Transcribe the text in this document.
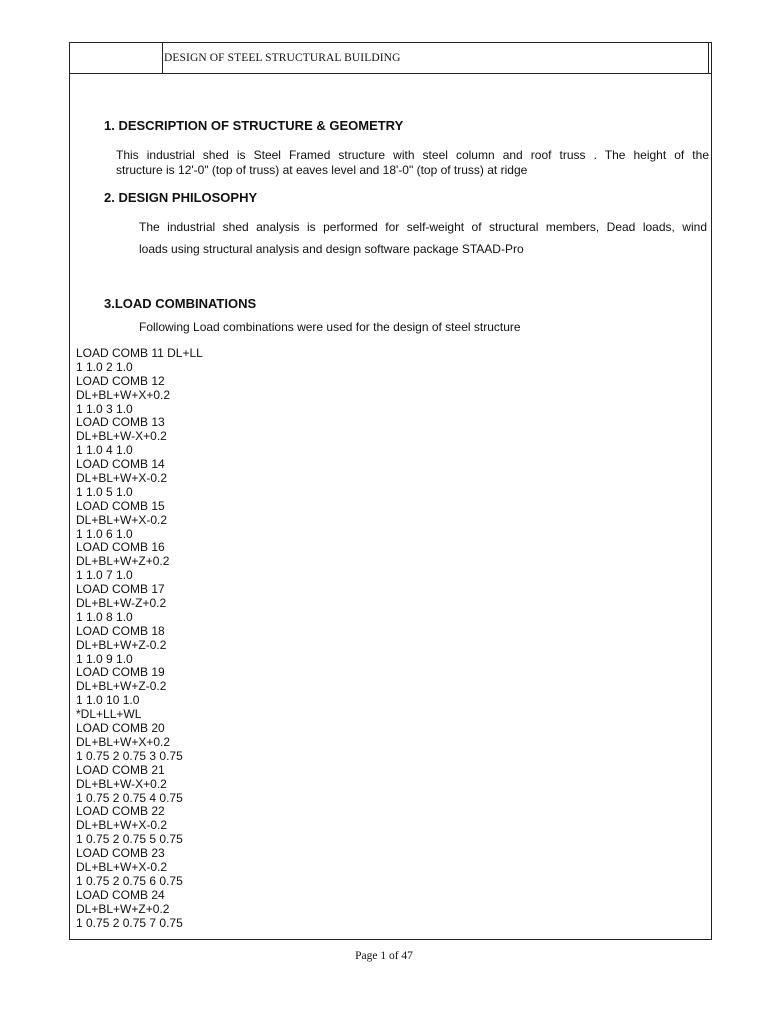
DESIGN OF STEEL STRUCTURAL BUILDING
1. DESCRIPTION OF STRUCTURE & GEOMETRY
This industrial shed is Steel Framed structure with steel column and roof truss . The height of the
structure is 12'-0" (top of truss) at eaves level and 18'-0" (top of truss) at ridge
2. DESIGN PHILOSOPHY
The industrial shed analysis is performed for self-weight of structural members, Dead loads, wind
loads using structural analysis and design software package STAAD-Pro
3.LOAD COMBINATIONS
Following Load combinations were used for the design of steel structure
LOAD COMB 11 DL+LL
1 1.0 2 1.0
LOAD COMB 12
DL+BL+W+X+0.2
1 1.0 3 1.0
LOAD COMB 13
DL+BL+W-X+0.2
1 1.0 4 1.0
LOAD COMB 14
DL+BL+W+X-0.2
1 1.0 5 1.0
LOAD COMB 15
DL+BL+W+X-0.2
1 1.0 6 1.0
LOAD COMB 16
DL+BL+W+Z+0.2
1 1.0 7 1.0
LOAD COMB 17
DL+BL+W-Z+0.2
1 1.0 8 1.0
LOAD COMB 18
DL+BL+W+Z-0.2
1 1.0 9 1.0
LOAD COMB 19
DL+BL+W+Z-0.2
1 1.0 10 1.0
*DL+LL+WL
LOAD COMB 20
DL+BL+W+X+0.2
1 0.75 2 0.75 3 0.75
LOAD COMB 21
DL+BL+W-X+0.2
1 0.75 2 0.75 4 0.75
LOAD COMB 22
DL+BL+W+X-0.2
1 0.75 2 0.75 5 0.75
LOAD COMB 23
DL+BL+W+X-0.2
1 0.75 2 0.75 6 0.75
LOAD COMB 24
DL+BL+W+Z+0.2
1 0.75 2 0.75 7 0.75
Page 1 of 47
